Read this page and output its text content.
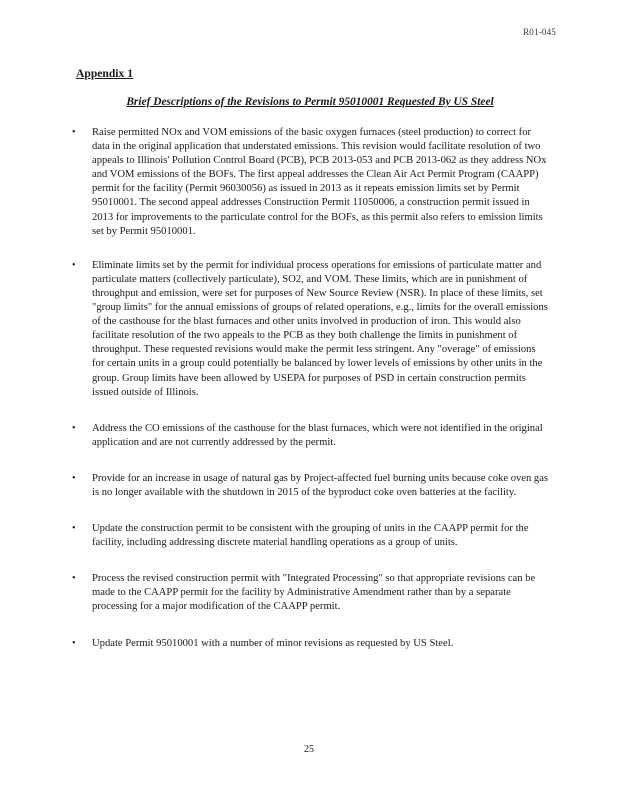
R01-045
Appendix 1
Brief Descriptions of the Revisions to Permit 95010001 Requested By US Steel
• Raise permitted NOx and VOM emissions of the basic oxygen furnaces (steel production) to correct for data in the original application that understated emissions. This revision would facilitate resolution of two appeals to Illinois' Pollution Control Board (PCB), PCB 2013-053 and PCB 2013-062 as they address NOx and VOM emissions of the BOFs. The first appeal addresses the Clean Air Act Permit Program (CAAPP) permit for the facility (Permit 96030056) as issued in 2013 as it repeats emission limits set by Permit 95010001. The second appeal addresses Construction Permit 11050006, a construction permit issued in 2013 for improvements to the particulate control for the BOFs, as this permit also refers to emission limits set by Permit 95010001.
• Eliminate limits set by the permit for individual process operations for emissions of particulate matter and particulate matters (collectively particulate), SO2, and VOM. These limits, which are in punishment of throughput and emission, were set for purposes of New Source Review (NSR). In place of these limits, set "group limits" for the annual emissions of groups of related operations, e.g., limits for the overall emissions of the casthouse for the blast furnaces and other units involved in production of iron. This would also facilitate resolution of the two appeals to the PCB as they both challenge the limits in punishment of throughput. These requested revisions would make the permit less stringent. Any "overage" of emissions for certain units in a group could potentially be balanced by lower levels of emissions by other units in the group. Group limits have been allowed by USEPA for purposes of PSD in certain construction permits issued outside of Illinois.
• Address the CO emissions of the casthouse for the blast furnaces, which were not identified in the original application and are not currently addressed by the permit.
• Provide for an increase in usage of natural gas by Project-affected fuel burning units because coke oven gas is no longer available with the shutdown in 2015 of the byproduct coke oven batteries at the facility.
• Update the construction permit to be consistent with the grouping of units in the CAAPP permit for the facility, including addressing discrete material handling operations as a group of units.
• Process the revised construction permit with "Integrated Processing" so that appropriate revisions can be made to the CAAPP permit for the facility by Administrative Amendment rather than by a separate processing for a major modification of the CAAPP permit.
• Update Permit 95010001 with a number of minor revisions as requested by US Steel.
25
